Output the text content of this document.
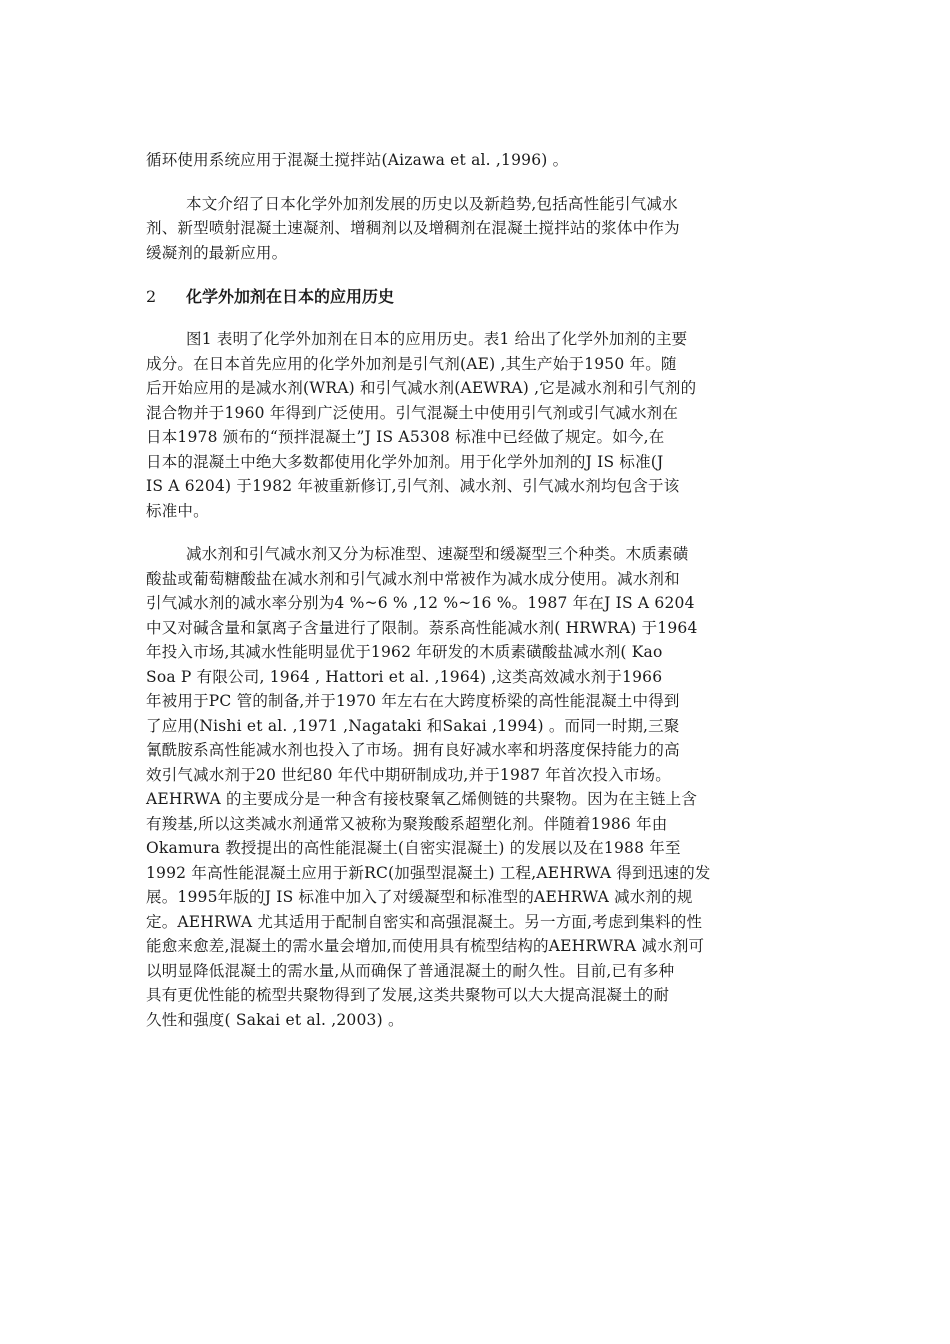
循环使用系统应用于混凝土搅拌站(Aizawa et al. ,1996) 。

本文介绍了日本化学外加剂发展的历史以及新趋势,包括高性能引气减水
剂、新型喷射混凝土速凝剂、增稠剂以及增稠剂在混凝土搅拌站的浆体中作为
缓凝剂的最新应用。

2 化学外加剂在日本的应用历史

图1 表明了化学外加剂在日本的应用历史。表1 给出了化学外加剂的主要
成分。在日本首先应用的化学外加剂是引气剂(AE) ,其生产始于1950 年。随
后开始应用的是减水剂(WRA) 和引气减水剂(AEWRA) ,它是减水剂和引气剂的
混合物并于1960 年得到广泛使用。引气混凝土中使用引气剂或引气减水剂在
日本1978 颁布的“预拌混凝土”J IS A5308 标准中已经做了规定。如今,在
日本的混凝土中绝大多数都使用化学外加剂。用于化学外加剂的J IS 标准(J
IS A 6204) 于1982 年被重新修订,引气剂、减水剂、引气减水剂均包含于该
标准中。

减水剂和引气减水剂又分为标准型、速凝型和缓凝型三个种类。木质素磺
酸盐或葡萄糖酸盐在减水剂和引气减水剂中常被作为减水成分使用。减水剂和
引气减水剂的减水率分别为4 %~6 % ,12 %~16 %。1987 年在J IS A 6204
中又对碱含量和氯离子含量进行了限制。萘系高性能减水剂( HRWRA) 于1964
年投入市场,其减水性能明显优于1962 年研发的木质素磺酸盐减水剂( Kao
Soa P 有限公司, 1964 , Hattori et al. ,1964) ,这类高效减水剂于1966
年被用于PC 管的制备,并于1970 年左右在大跨度桥梁的高性能混凝土中得到
了应用(Nishi et al. ,1971 ,Nagataki 和Sakai ,1994) 。而同一时期,三聚
氰酰胺系高性能减水剂也投入了市场。拥有良好减水率和坍落度保持能力的高
效引气减水剂于20 世纪80 年代中期研制成功,并于1987 年首次投入市场。
AEHRWA 的主要成分是一种含有接枝聚氧乙烯侧链的共聚物。因为在主链上含
有羧基,所以这类减水剂通常又被称为聚羧酸系超塑化剂。伴随着1986 年由
Okamura 教授提出的高性能混凝土(自密实混凝土) 的发展以及在1988 年至
1992 年高性能混凝土应用于新RC(加强型混凝土) 工程,AEHRWA 得到迅速的发
展。1995年版的J IS 标准中加入了对缓凝型和标准型的AEHRWA 减水剂的规
定。AEHRWA 尤其适用于配制自密实和高强混凝土。另一方面,考虑到集料的性
能愈来愈差,混凝土的需水量会增加,而使用具有梳型结构的AEHRWRA 减水剂可
以明显降低混凝土的需水量,从而确保了普通混凝土的耐久性。目前,已有多种
具有更优性能的梳型共聚物得到了发展,这类共聚物可以大大提高混凝土的耐
久性和强度( Sakai et al. ,2003) 。
